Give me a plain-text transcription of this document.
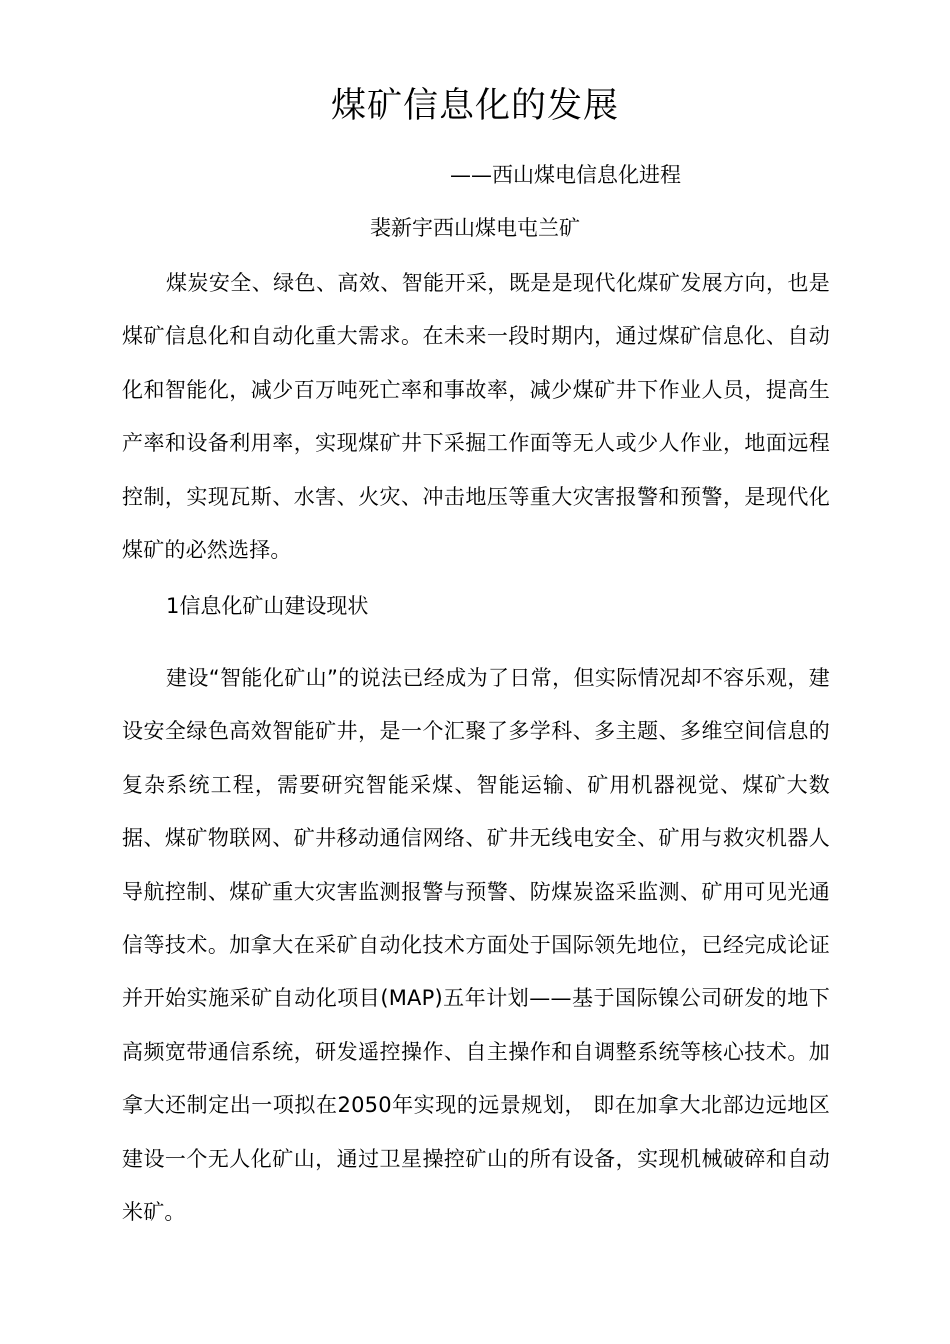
煤矿信息化的发展
——西山煤电信息化进程
裴新宇西山煤电屯兰矿

煤炭安全、绿色、高效、智能开采，既是是现代化煤矿发展方向，也是煤矿信息化和自动化重大需求。在未来一段时期内，通过煤矿信息化、自动化和智能化，减少百万吨死亡率和事故率，减少煤矿井下作业人员，提高生产率和设备利用率，实现煤矿井下采掘工作面等无人或少人作业，地面远程控制，实现瓦斯、水害、火灾、冲击地压等重大灾害报警和预警，是现代化煤矿的必然选择。

1信息化矿山建设现状

建设“智能化矿山”的说法已经成为了日常，但实际情况却不容乐观，建设安全绿色高效智能矿井，是一个汇聚了多学科、多主题、多维空间信息的复杂系统工程，需要研究智能采煤、智能运输、矿用机器视觉、煤矿大数据、煤矿物联网、矿井移动通信网络、矿井无线电安全、矿用与救灾机器人导航控制、煤矿重大灾害监测报警与预警、防煤炭盗采监测、矿用可见光通信等技术。加拿大在采矿自动化技术方面处于国际领先地位，已经完成论证并开始实施采矿自动化项目(MAP)五年计划——基于国际镍公司研发的地下高频宽带通信系统，研发遥控操作、自主操作和自调整系统等核心技术。加拿大还制定出一项拟在2050年实现的远景规划， 即在加拿大北部边远地区建设一个无人化矿山，通过卫星操控矿山的所有设备，实现机械破碎和自动米矿。
